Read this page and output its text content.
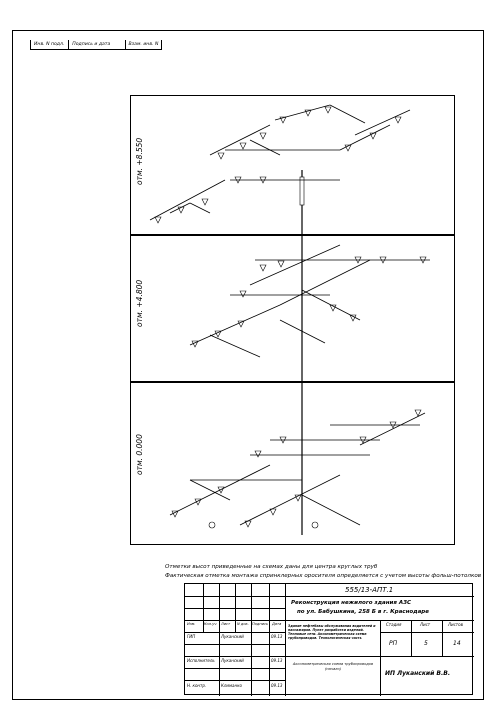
Инв. N подл.	Подпись и дата	Взам. инв. N
отм. +8.550
отм. +4.800
отм. 0.000
Отметки высот приведенные на схемах даны для центра круглых труб
Фактическая отметка монтажа спринклерных оросителя определяется с учетом высоты фольш-потолков
555/13-АПТ.1
Реконструкция нежилого здания АЗС
по ул. Бабушкина, 258 Б в г. Краснодаре
Изм. Кол.уч Лист N док. Подпись Дата
ГИП	Луканский	09.13
Исполнитель Луканский	09.13
Н. контр.	Климанко	09.13
Здание нефтебазы обслуживания водителей и пассажиров. Пункт разработки изделий. Тепловые сети. Аксонометрическая схема трубопроводов. Технологическая часть
Стадия	Лист	Листов
РП	5	14
Аксонометрическая схема трубопроводов (начало)
ИП Луканский В.В.
